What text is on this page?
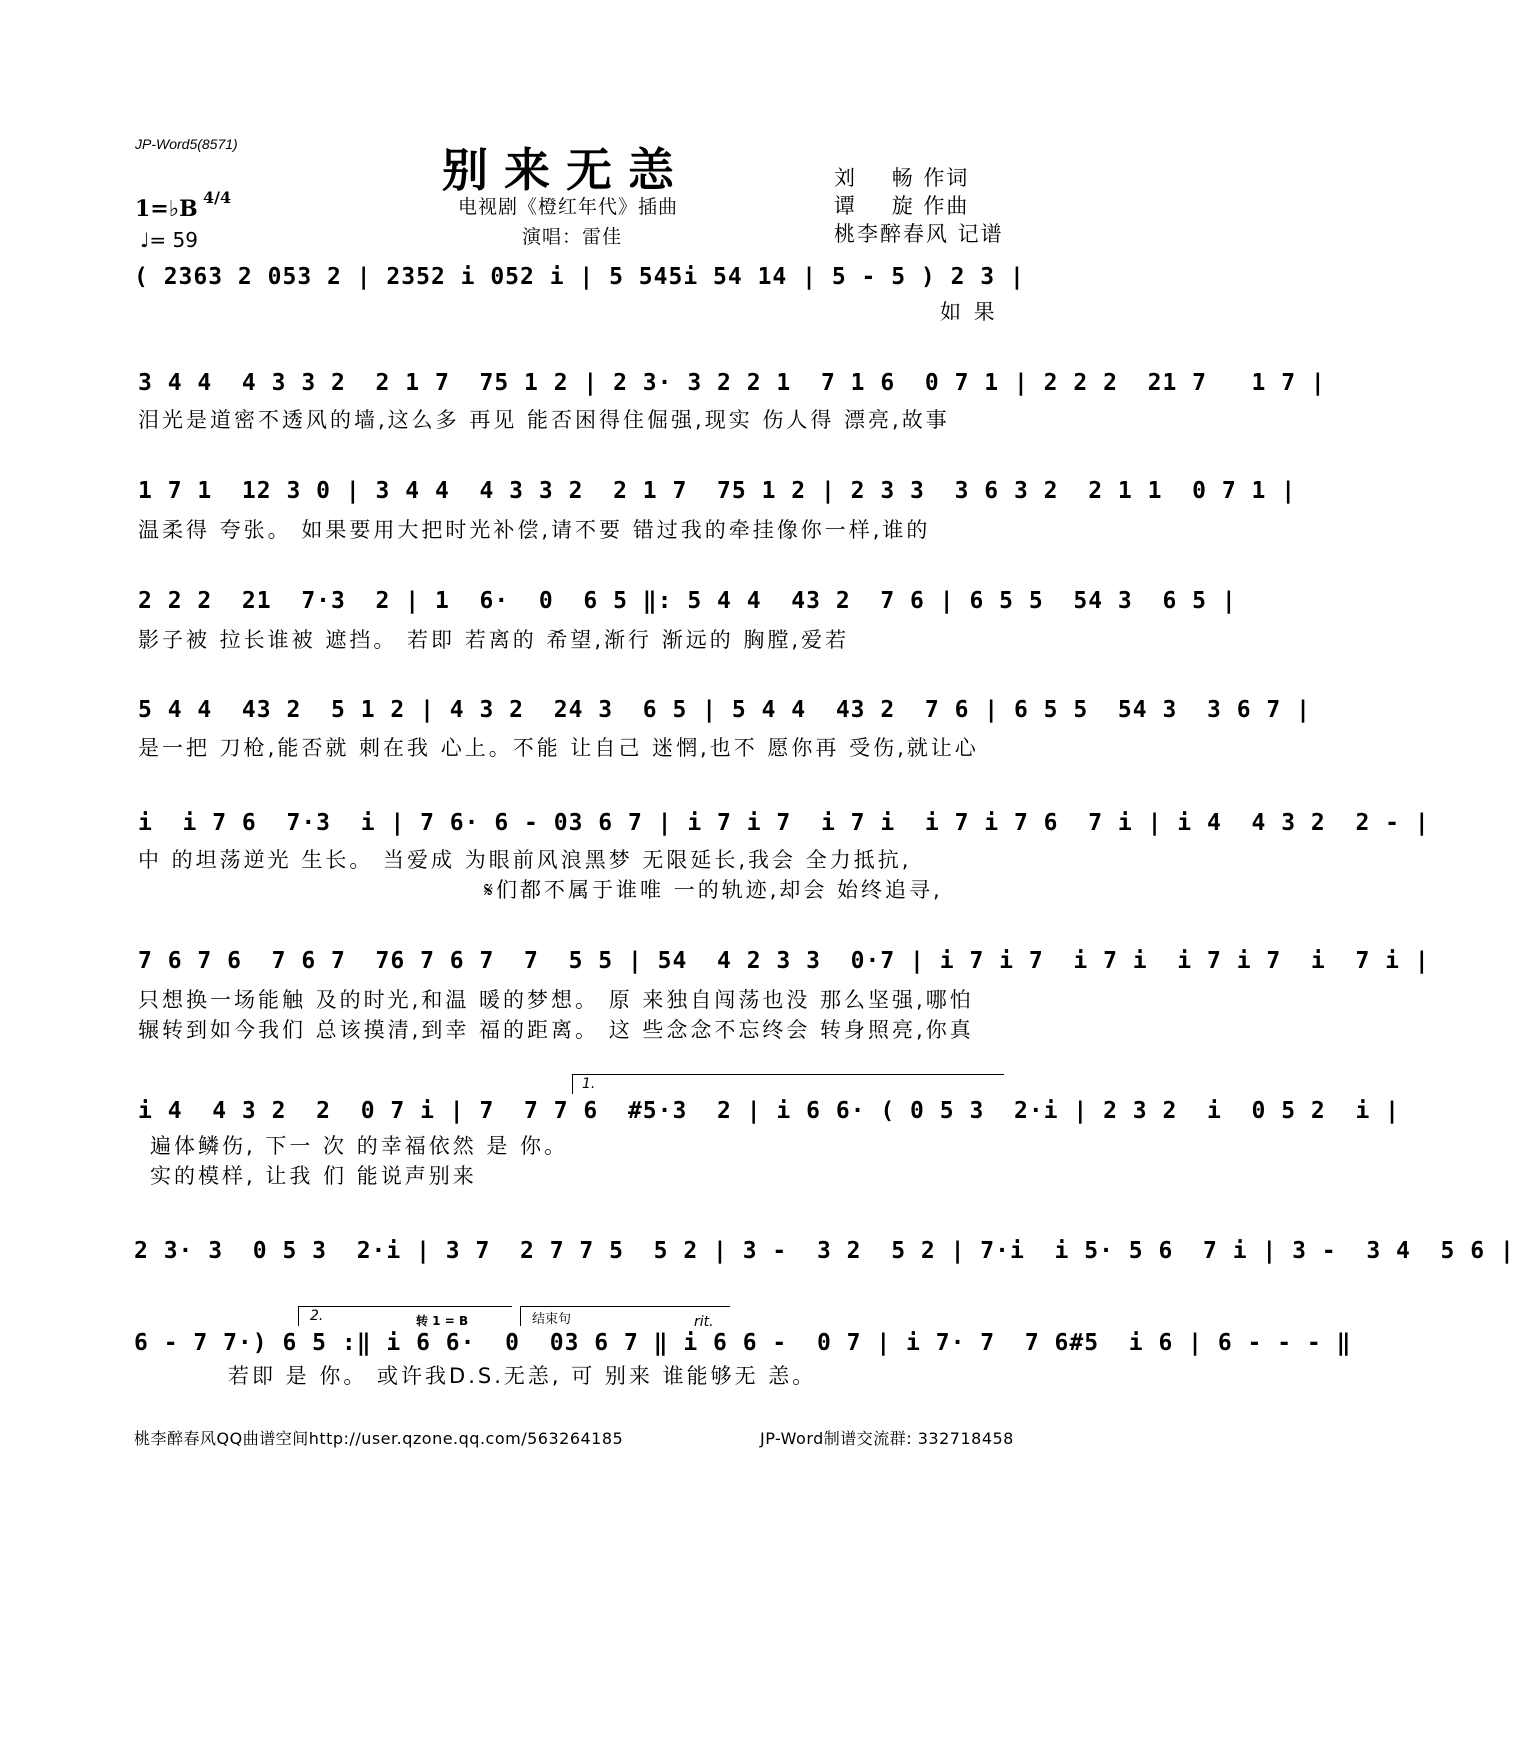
JP-Word5(8571)	别来无恙
电视剧《橙红年代》插曲
演唱：雷佳
刘    畅 作词
谭    旋 作曲
桃李醉春风 记谱
1=♭B 4/4
♩= 59
( 2363 2 053 2 | 2352 i 052 i | 5 545i 54 14 | 5 - 5 ) 2 3 |
如 果
3 4 4  4 3 3 2  2 1 7  75 1 2 | 2 3· 3 2 2 1  7 1 6  0 7 1 | 2 2 2  21 7   1 7 |
泪光是道密不透风的墙,这么多 再见 能否困得住倔强,现实 伤人得 漂亮,故事
1 7 1  12 3 0 | 3 4 4  4 3 3 2  2 1 7  75 1 2 | 2 3 3  3 6 3 2  2 1 1  0 7 1 |
温柔得 夸张。 如果要用大把时光补偿,请不要 错过我的牵挂像你一样,谁的
2 2 2  21  7·3  2 | 1  6·  0  6 5 ‖: 5 4 4  43 2  7 6 | 6 5 5  54 3  6 5 |
影子被 拉长谁被 遮挡。 若即 若离的 希望,渐行 渐远的 胸膛,爱若
5 4 4  43 2  5 1 2 | 4 3 2  24 3  6 5 | 5 4 4  43 2  7 6 | 6 5 5  54 3  3 6 7 |
是一把 刀枪,能否就 刺在我 心上。不能 让自己 迷惘,也不 愿你再 受伤,就让心
i  i 7 6  7·3  i | 7 6· 6 - 03 6 7 | i 7 i 7  i 7 i  i 7 i 7 6  7 i | i 4  4 3 2  2 - |
中 的坦荡逆光 生长。 当爱成 为眼前风浪黑梦 无限延长,我会 全力抵抗,
𝄋们都不属于谁唯 一的轨迹,却会 始终追寻,
7 6 7 6  7 6 7  76 7 6 7  7  5 5 | 54  4 2 3 3  0·7 | i 7 i 7  i 7 i  i 7 i 7  i  7 i |
只想换一场能触 及的时光,和温 暖的梦想。 原 来独自闯荡也没 那么坚强,哪怕
辗转到如今我们 总该摸清,到幸 福的距离。 这 些念念不忘终会 转身照亮,你真
1.
i 4  4 3 2  2  0 7 i | 7  7 7 6  #5·3  2 | i 6 6· ( 0 5 3  2·i | 2 3 2  i  0 5 2  i |
遍体鳞伤, 下一 次 的幸福依然 是 你。
实的模样, 让我 们 能说声别来
2 3· 3  0 5 3  2·i | 3 7  2 7 7 5  5 2 | 3 -  3 2  5 2 | 7·i  i 5· 5 6  7 i | 3 -  3 4  5 6 |
2.	转 1 = B	结束句	rit.
6 - 7 7·) 6 5 :‖ i 6 6·  0  03 6 7 ‖ i 6 6 -  0 7 | i 7· 7  7 6#5  i 6 | 6 - - - ‖
若即 是 你。 或许我D.S.无恙, 可 别来 谁能够无 恙。
桃李醉春风QQ曲谱空间http://user.qzone.qq.com/563264185	JP-Word制谱交流群: 332718458
